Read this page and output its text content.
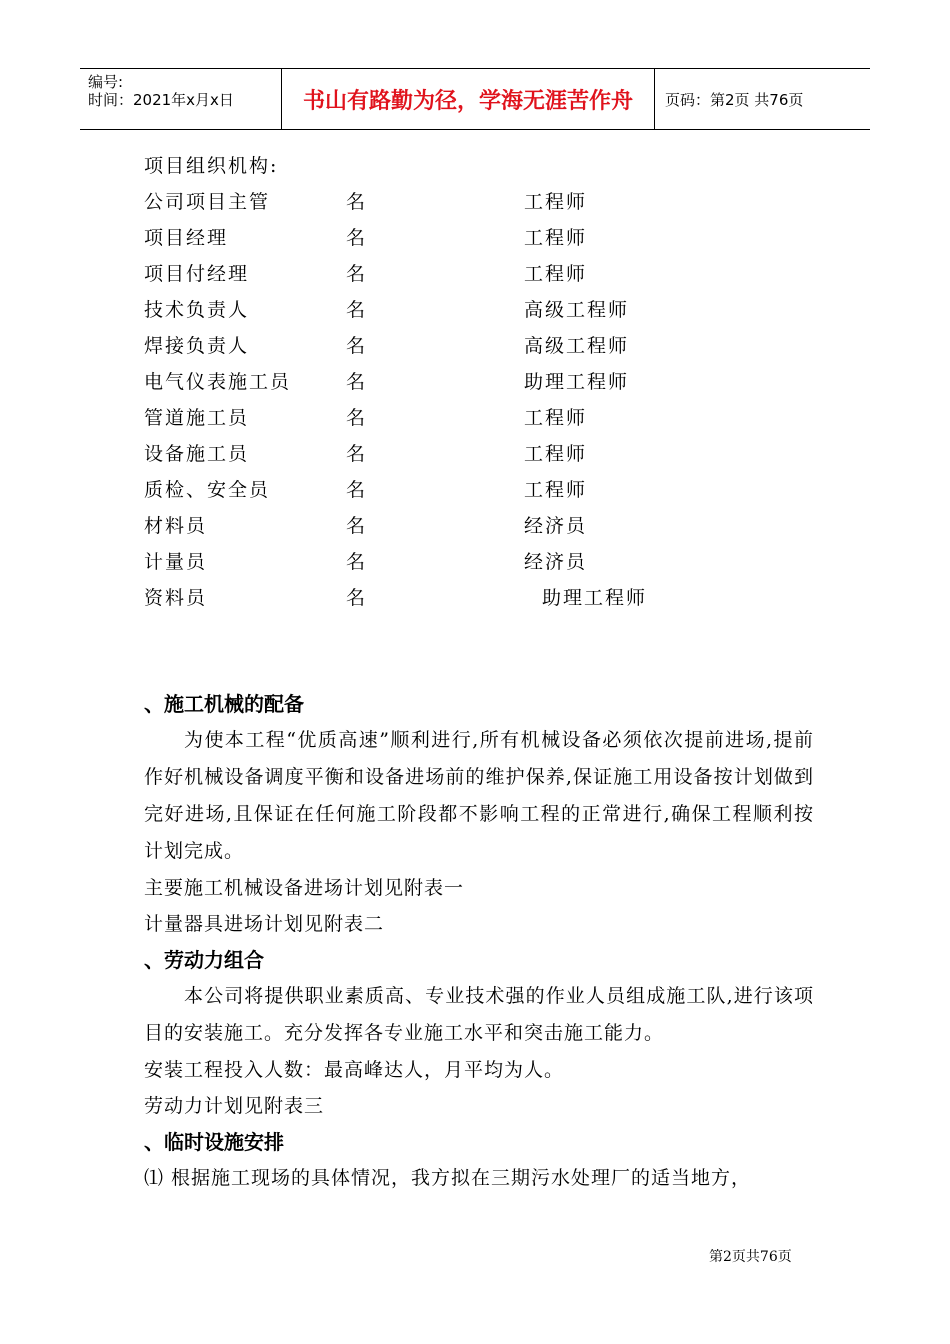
编号:
时间：2021年x月x日	书山有路勤为径，学海无涯苦作舟 页码：第2页 共76页
项目组织机构:
公司项目主管	名	工程师
项目经理	名	工程师
项目付经理	名	工程师
技术负责人	名	高级工程师
焊接负责人	名	高级工程师
电气仪表施工员	名	助理工程师
管道施工员	名	工程师
设备施工员	名	工程师
质检、安全员	名	工程师
材料员	名	经济员
计量员	名	经济员
资料员	名	助理工程师
、施工机械的配备
为使本工程“优质高速”顺利进行,所有机械设备必须依次提前进场,提前作好机械设备调度平衡和设备进场前的维护保养,保证施工用设备按计划做到完好进场,且保证在任何施工阶段都不影响工程的正常进行,确保工程顺利按计划完成。
主要施工机械设备进场计划见附表一
计量器具进场计划见附表二
、劳动力组合
本公司将提供职业素质高、专业技术强的作业人员组成施工队,进行该项目的安装施工。充分发挥各专业施工水平和突击施工能力。
安装工程投入人数：最高峰达人，月平均为人。
劳动力计划见附表三
、临时设施安排
⑴ 根据施工现场的具体情况，我方拟在三期污水处理厂的适当地方，
第2页共76页
